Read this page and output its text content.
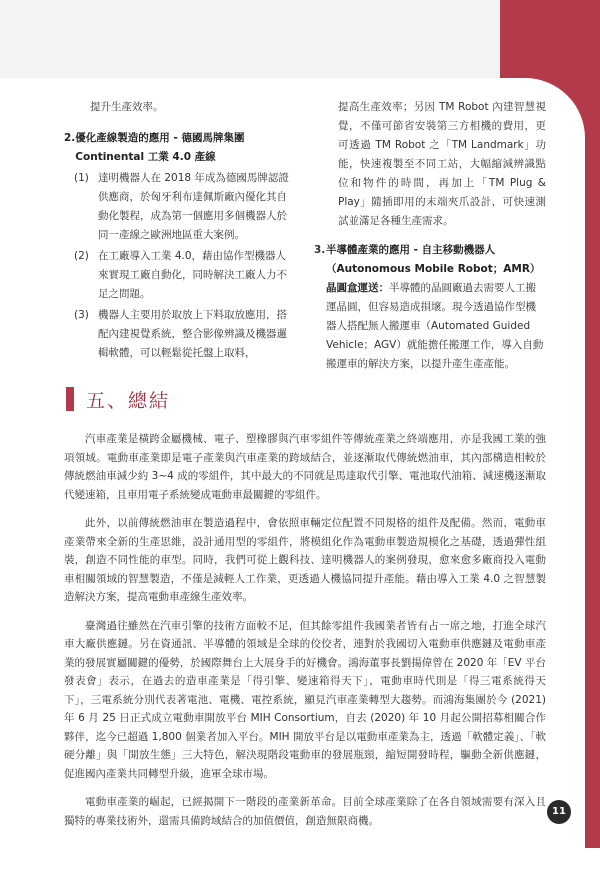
提升生產效率。
2. 優化產線製造的應用 - 德國馬牌集團 Continental 工業 4.0 產線
(1) 達明機器人在 2018 年成為德國馬牌認證供應商，於匈牙利布達佩斯廠內優化其自動化製程，成為第一個應用多個機器人於同一產線之歐洲地區重大案例。
(2) 在工廠導入工業 4.0，藉由協作型機器人來實現工廠自動化，同時解決工廠人力不足之問題。
(3) 機器人主要用於取放上下料取放應用，搭配內建視覺系統，整合影像辨識及機器邏輯軟體，可以輕鬆從托盤上取料，
提高生產效率；另因 TM Robot 內建智慧視覺，不僅可節省安裝第三方相機的費用，更可透過 TM Robot 之「TM Landmark」功能，快速複製至不同工站，大幅縮減辨識點位和物件的時間，再加上「TM Plug & Play」隨插即用的末端夾爪設計，可快速測試並滿足各種生產需求。
3. 半導體產業的應用 - 自主移動機器人（Autonomous Mobile Robot；AMR）晶圓盒運送：半導體的晶圓廠過去需要人工搬運晶圓，但容易造成損壞。現今透過協作型機器人搭配無人搬運車（Automated Guided Vehicle；AGV）就能擔任搬運工作，導入自動搬運車的解決方案，以提升產生產產能。
五、總結

汽車產業是橫跨金屬機械、電子、塑橡膠與汽車零組件等傳統產業之終端應用，亦是我國工業的強項領域。電動車產業即是電子產業與汽車產業的跨域結合，並逐漸取代傳統燃油車，其內部構造相較於傳統燃油車減少約 3~4 成的零組件，其中最大的不同就是馬達取代引擎、電池取代油箱、減速機逐漸取代變速箱，且車用電子系統變成電動車最關鍵的零組件。

此外，以前傳統燃油車在製造過程中，會依照車輛定位配置不同規格的組件及配備。然而，電動車產業帶來全新的生產思維，設計通用型的零組件，將模組化作為電動車製造規模化之基礎，透過彈性組裝，創造不同性能的車型。同時，我們可從上觀科技、達明機器人的案例發現，愈來愈多廠商投入電動車相關領域的智慧製造，不僅是減輕人工作業，更透過人機協同提升產能。藉由導入工業 4.0 之智慧製造解決方案，提高電動車產線生產效率。

臺灣過往雖然在汽車引擎的技術方面較不足，但其餘零組件我國業者皆有占一席之地，打進全球汽車大廠供應鏈。另在資通訊、半導體的領域是全球的佼佼者，連對於我國切入電動車供應鏈及電動車產業的發展實屬關鍵的優勢，於國際舞台上大展身手的好機會。鴻海董事長劉揚偉曾在 2020 年「EV 平台發表會」表示，在過去的造車產業是「得引擎、變速箱得天下」，電動車時代則是「得三電系統得天下」，三電系統分別代表著電池、電機、電控系統，顯見汽車產業轉型大趨勢。而鴻海集團於今 (2021) 年 6 月 25 日正式成立電動車開放平台 MIH Consortium，自去 (2020) 年 10 月起公開招募相關合作夥伴，迄今已超過 1,800 個業者加入平台。MIH 開放平台是以電動車產業為主，透過「軟體定義」、「軟硬分離」與「開放生態」三大特色，解決現階段電動車的發展瓶頸，縮短開發時程，驅動全新供應鏈，促進國內產業共同轉型升級，進軍全球市場。

電動車產業的崛起，已經揭開下一階段的產業新革命。目前全球產業除了在各自領域需要有深入且獨特的專業技術外，還需具備跨域結合的加值價值，創造無限商機。

11
